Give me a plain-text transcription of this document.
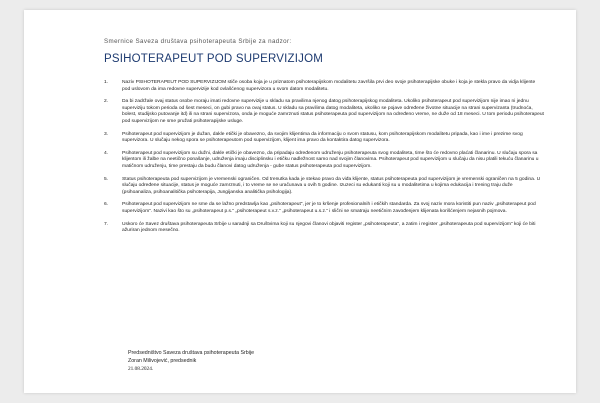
Smernice Saveza društava psihoterapeuta Srbije za nadzor:
PSIHOTERAPEUT POD SUPERVIZIJOM
1.	Naziv PSIHOTERAPEUT POD SUPERVIZIJOM stiče osoba koja je u priznatom psihoterapijskom modalitetu završila prvi deo svoje psihoterapijske obuke i koja je stekla pravo da vidja klijente pod uslovom da ima redovne supervizije kod ovlašćenog supervizora u svom datom modalitetu.
2.	Da bi zadržale ovaj status osobe moraju imati redovne supervizije u skladu sa pravilima njenog datog psihoterapijskog modaliteta. Ukoliko psihoterapeut pod supervizijom nije imao ni jednu superviziju tokom perioda od šest meseci, on gubi pravo na ovaj status. U skladu sa pravilima datog modaliteta, ukoliko se pojave određene životne situacije na strani supervizanta (trudnoća, bolest, studijsko putovanje itd) ili na strani supervizora, onda je moguće zamrznuti status psihoterapeuta pod supervizijom na određeno vreme, ne duže od 18 meseci. U tom periodu psihoterapeut pod supervizijom ne sme pružati psihoterapijske usluge.
3.	Psihoterapeut pod supervizijom je dužan, dakle etički je obavezno, da svojim klijentima da informaciju o svom statusu, kom psihoterapijskom modalitetu pripada, kao i ime i prezime svog supervizora. U slučaju nekog spora se psihoterapeutom pod supervizijom, klijent ima pravo da kontaktira datog supervizora.
4.	Psihoterapeut pod supervizijom su dužni, dakle etički je obavezno, da pripadaju određenom udruženju psihoterapeuta svog modaliteta, time što će redovno plaćati članarinu. U slučaju spora sa klijentom ili žalbe na neetično ponašanje, udruženja imaju disciplinsku i etičku nadležnost samo nad svojim članovima. Psihoterapeut pod supervizijom u slučaju da nisu platili tekuću članarinu u matičnom udruženju, time prestaju da budu članovi datog udruženja - gube status psihoterapeuta pod supervizijom.
5.	Status psihoterapeuta pod supervizijom je vremenski ograničen. Od trenutka kada je stekao pravo da viđa klijente, status psihoterapeuta pod supervizijom je vremenski ograničen na 5 godina. U slučaju određene situacije, status je moguće zamrznuti, i to vreme se ne uračunava u ovih 5 godine. Izuzeci su edukanti koji su u modalitetima u kojima edukacija i trening traju duže (psihoanaliza, psihoanalitička psihoterapija, Jungijanska analitička psihologija).
6.	Psihoterapeut pod supervizijom ne sme da se lažno predstavlja kao „psihoterapeut“, jer je to kršenje profesionalnih i etičkih standarda. Za svoj naziv mora koristiti pun naziv „psihoterapeut pod supervizijom“. Nazivi kao što su „psihoterapeut p.s.“ „psihoterapeut s.v.z.“ „psihoterapeut u.s.z.“ i slični se smatraju neetičnim zavođenjem klijenata korišćenjem nejasnih pojmova.
7.	Uskoro će Savez društava psihoterapeuta Srbije u saradnji sa Društvima koji su njegovi članovi objaviti register „psihoterapeuta“, a zatim i register „psihoterapeuta pod supervizijom“ koji će biti ažuriran jednom mesečno.
Predsedništvo Saveza društava psihoterapeuta Srbije
Zoran Milivojević, predsednik
21.08.2024.
